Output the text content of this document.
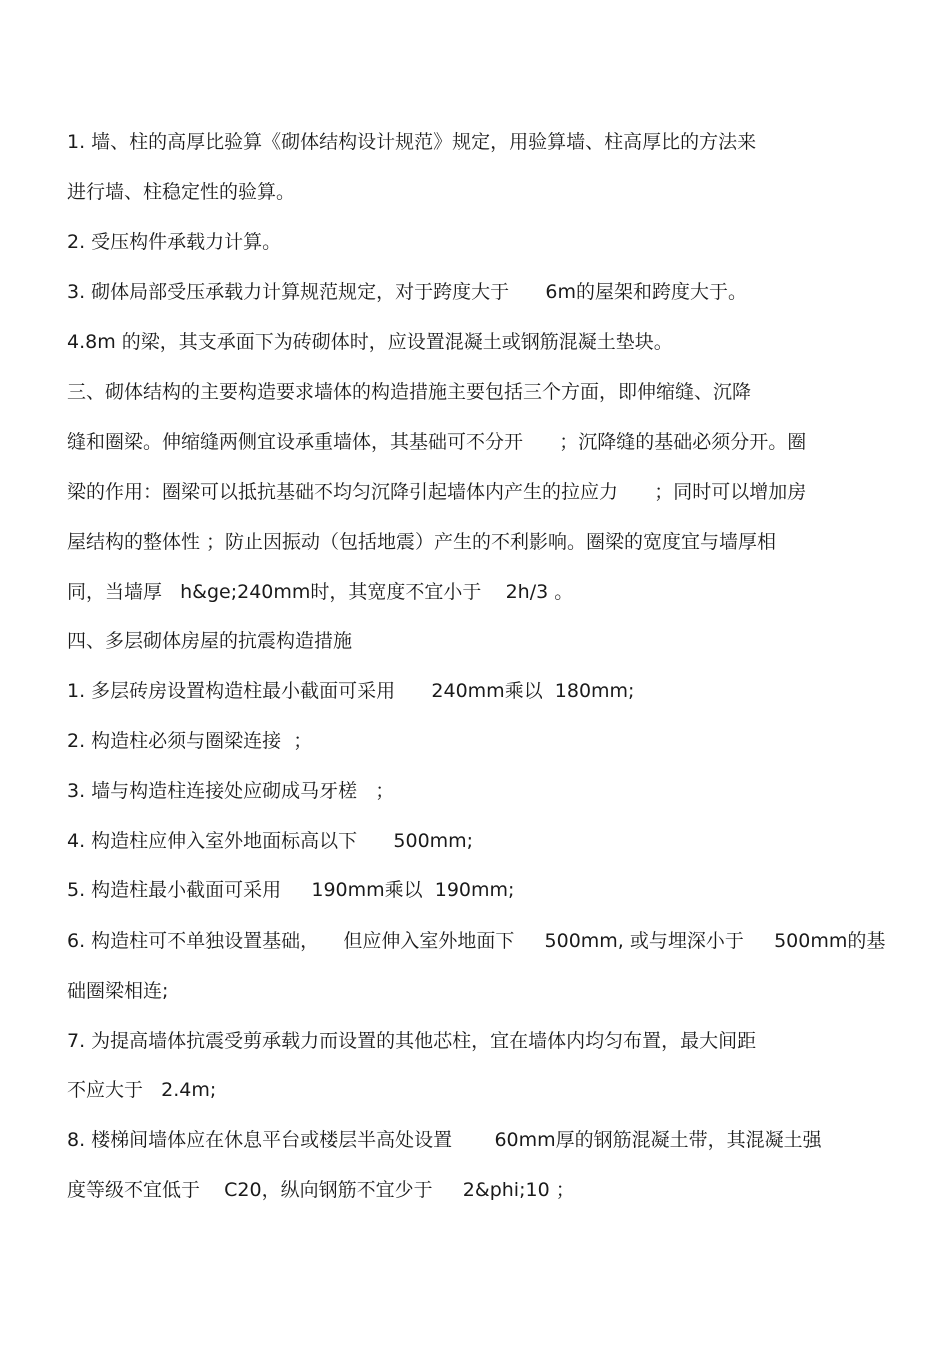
1. 墙、柱的高厚比验算《砌体结构设计规范》规定，用验算墙、柱高厚比的方法来
进行墙、柱稳定性的验算。
2. 受压构件承载力计算。
3. 砌体局部受压承载力计算规范规定，对于跨度大于      6m的屋架和跨度大于。
4.8m 的梁，其支承面下为砖砌体时，应设置混凝土或钢筋混凝土垫块。
三、砌体结构的主要构造要求墙体的构造措施主要包括三个方面，即伸缩缝、沉降
缝和圈梁。伸缩缝两侧宜设承重墙体，其基础可不分开      ；沉降缝的基础必须分开。圈
梁的作用：圈梁可以抵抗基础不均匀沉降引起墙体内产生的拉应力      ；同时可以增加房
屋结构的整体性 ；防止因振动（包括地震）产生的不利影响。圈梁的宽度宜与墙厚相
同，当墙厚   h&ge;240mm时，其宽度不宜小于    2h/3 。
四、多层砌体房屋的抗震构造措施
1. 多层砖房设置构造柱最小截面可采用      240mm乘以  180mm;
2. 构造柱必须与圈梁连接  ；
3. 墙与构造柱连接处应砌成马牙槎   ；
4. 构造柱应伸入室外地面标高以下      500mm;
5. 构造柱最小截面可采用     190mm乘以  190mm;
6. 构造柱可不单独设置基础，    但应伸入室外地面下     500mm, 或与埋深小于     500mm的基
础圈梁相连;
7. 为提高墙体抗震受剪承载力而设置的其他芯柱，宜在墙体内均匀布置，最大间距
不应大于   2.4m;
8. 楼梯间墙体应在休息平台或楼层半高处设置       60mm厚的钢筋混凝土带，其混凝土强
度等级不宜低于    C20，纵向钢筋不宜少于     2&phi;10 ；
